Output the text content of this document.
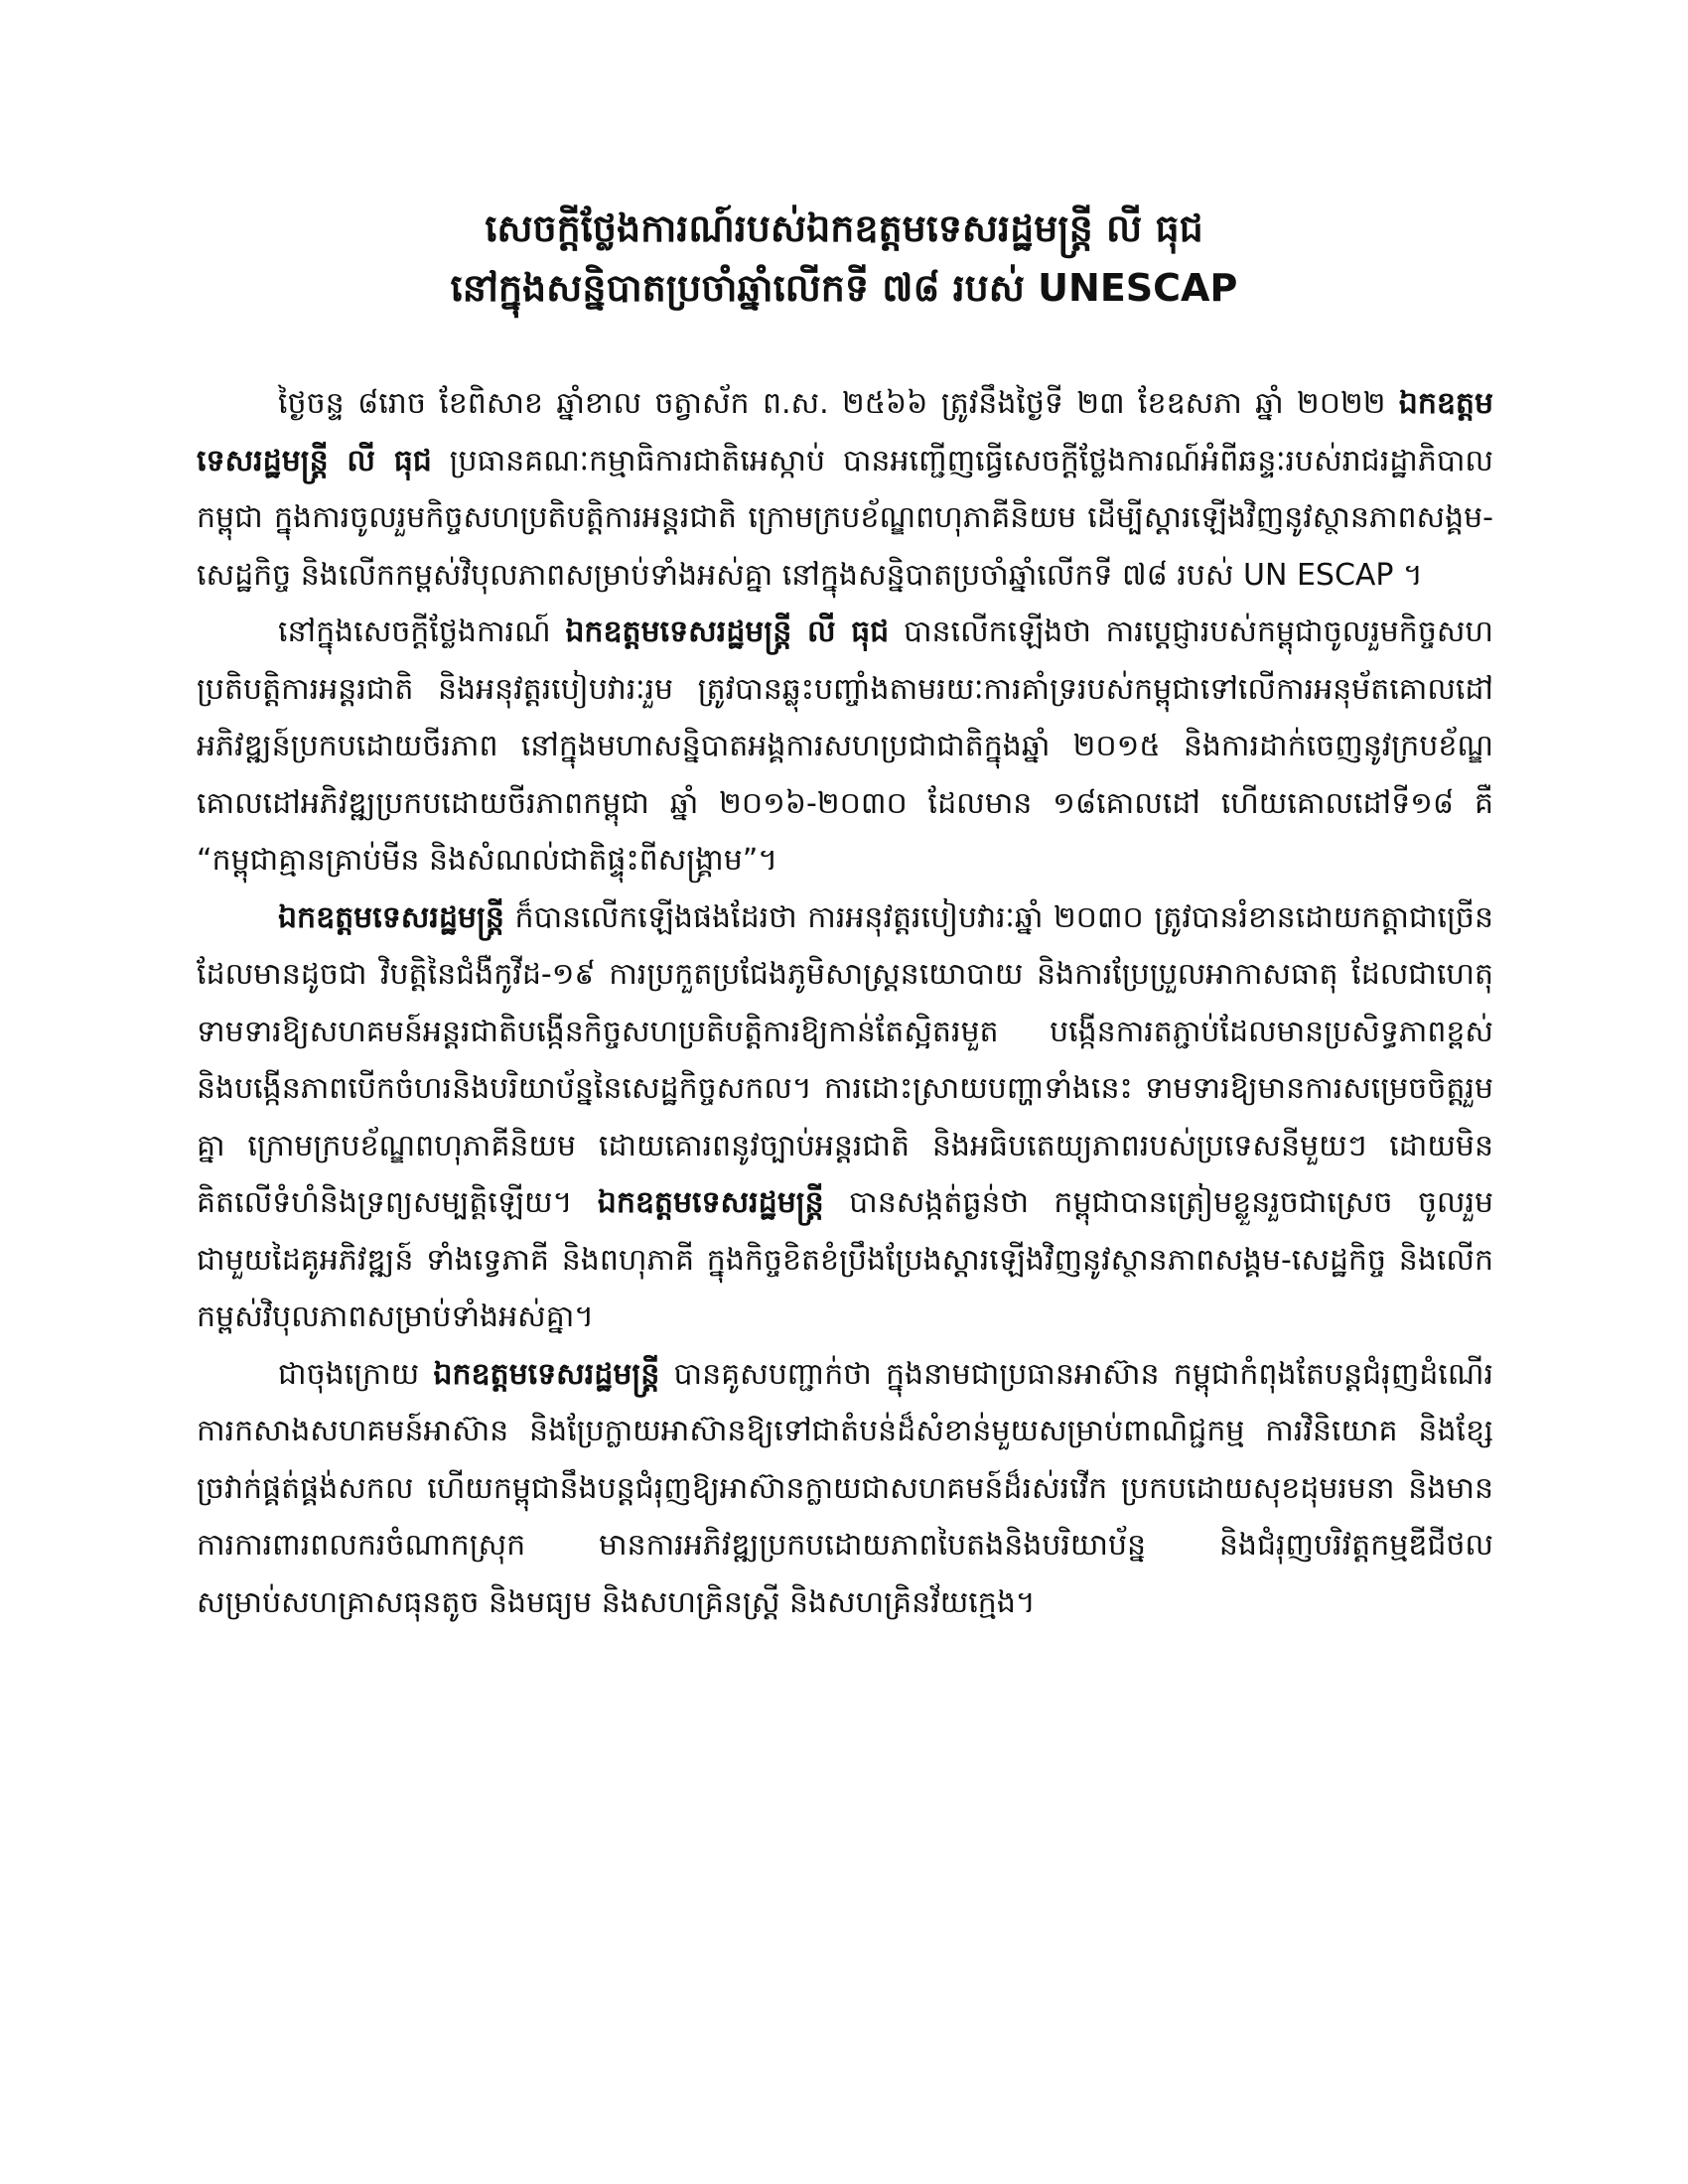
សេចក្តីថ្លែងការណ៍របស់ឯកឧត្តមទេសរដ្ឋមន្ត្រី លី ធុជ
នៅក្នុងសន្និបាតប្រចាំឆ្នាំលើកទី ៧៨ របស់ UNESCAP

ថ្ងៃចន្ទ ៨រោច ខែពិសាខ ឆ្នាំខាល ចត្វាស័ក ព.ស. ២៥៦៦ ត្រូវនឹងថ្ងៃទី ២៣ ខែឧសភា ឆ្នាំ ២០២២ ឯកឧត្តមទេសរដ្ឋមន្ត្រី លី ធុជ ប្រធានគណៈកម្មាធិការជាតិអេស្កាប់ បានអញ្ជើញធ្វើសេចក្តីថ្លែងការណ៍អំពីឆន្ទៈរបស់រាជរដ្ឋាភិបាលកម្ពុជា ក្នុងការចូលរួមកិច្ចសហប្រតិបត្តិការអន្តរជាតិ ក្រោមក្របខ័ណ្ឌពហុភាគីនិយម ដើម្បីស្តារឡើងវិញនូវស្ថានភាពសង្គម-សេដ្ឋកិច្ច និងលើកកម្ពស់វិបុលភាពសម្រាប់ទាំងអស់គ្នា នៅក្នុងសន្និបាតប្រចាំឆ្នាំលើកទី ៧៨ របស់ UN ESCAP ។

នៅក្នុងសេចក្តីថ្លែងការណ៍ ឯកឧត្តមទេសរដ្ឋមន្ត្រី លី ធុជ បានលើកឡើងថា ការប្តេជ្ញារបស់កម្ពុជាចូលរួមកិច្ចសហប្រតិបត្តិការអន្តរជាតិ និងអនុវត្តរបៀបវារៈរួម ត្រូវបានឆ្លុះបញ្ចាំងតាមរយៈការគាំទ្ររបស់កម្ពុជាទៅលើការអនុម័តគោលដៅអភិវឌ្ឍន៍ប្រកបដោយចីរភាព នៅក្នុងមហាសន្និបាតអង្គការសហប្រជាជាតិក្នុងឆ្នាំ ២០១៥ និងការដាក់ចេញនូវក្របខ័ណ្ឌគោលដៅអភិវឌ្ឍប្រកបដោយចីរភាពកម្ពុជា ឆ្នាំ ២០១៦-២០៣០ ដែលមាន ១៨គោលដៅ ហើយគោលដៅទី១៨ គឺ “កម្ពុជាគ្មានគ្រាប់មីន និងសំណល់ជាតិផ្ទុះពីសង្គ្រាម”។

ឯកឧត្តមទេសរដ្ឋមន្ត្រី ក៏បានលើកឡើងផងដែរថា ការអនុវត្តរបៀបវារៈឆ្នាំ ២០៣០ ត្រូវបានរំខានដោយកត្តាជាច្រើនដែលមានដូចជា វិបត្តិនៃជំងឺកូវីដ-១៩ ការប្រកួតប្រជែងភូមិសាស្ត្រនយោបាយ និងការប្រែប្រួលអាកាសធាតុ ដែលជាហេតុទាមទារឱ្យសហគមន៍អន្តរជាតិបង្កើនកិច្ចសហប្រតិបត្តិការឱ្យកាន់តែស្អិតរមួត បង្កើនការតភ្ជាប់ដែលមានប្រសិទ្ធភាពខ្ពស់ និងបង្កើនភាពបើកចំហរនិងបរិយាប័ន្ននៃសេដ្ឋកិច្ចសកល។ ការដោះស្រាយបញ្ហាទាំងនេះ ទាមទារឱ្យមានការសម្រេចចិត្តរួមគ្នា ក្រោមក្របខ័ណ្ឌពហុភាគីនិយម ដោយគោរពនូវច្បាប់អន្តរជាតិ និងអធិបតេយ្យភាពរបស់ប្រទេសនីមួយៗ ដោយមិនគិតលើទំហំនិងទ្រព្យសម្បត្តិឡើយ។ ឯកឧត្តមទេសរដ្ឋមន្ត្រី បានសង្កត់ធ្ងន់ថា កម្ពុជាបានត្រៀមខ្លួនរួចជាស្រេច ចូលរួមជាមួយដៃគូអភិវឌ្ឍន៍ ទាំងទ្វេភាគី និងពហុភាគី ក្នុងកិច្ចខិតខំប្រឹងប្រែងស្តារឡើងវិញនូវស្ថានភាពសង្គម-សេដ្ឋកិច្ច និងលើកកម្ពស់វិបុលភាពសម្រាប់ទាំងអស់គ្នា។

ជាចុងក្រោយ ឯកឧត្តមទេសរដ្ឋមន្ត្រី បានគូសបញ្ជាក់ថា ក្នុងនាមជាប្រធានអាស៊ាន កម្ពុជាកំពុងតែបន្តជំរុញដំណើរការកសាងសហគមន៍អាស៊ាន និងប្រែក្លាយអាស៊ានឱ្យទៅជាតំបន់ដ៏សំខាន់មួយសម្រាប់ពាណិជ្ជកម្ម ការវិនិយោគ និងខ្សែច្រវាក់ផ្គត់ផ្គង់សកល ហើយកម្ពុជានឹងបន្តជំរុញឱ្យអាស៊ានក្លាយជាសហគមន៍ដ៏រស់រវើក ប្រកបដោយសុខដុមរមនា និងមានការការពារពលករចំណាកស្រុក មានការអភិវឌ្ឍប្រកបដោយភាពបៃតងនិងបរិយាប័ន្ន និងជំរុញបរិវត្តកម្មឌីជីថលសម្រាប់សហគ្រាសធុនតូច និងមធ្យម និងសហគ្រិនស្ត្រី និងសហគ្រិនវ័យក្មេង។
